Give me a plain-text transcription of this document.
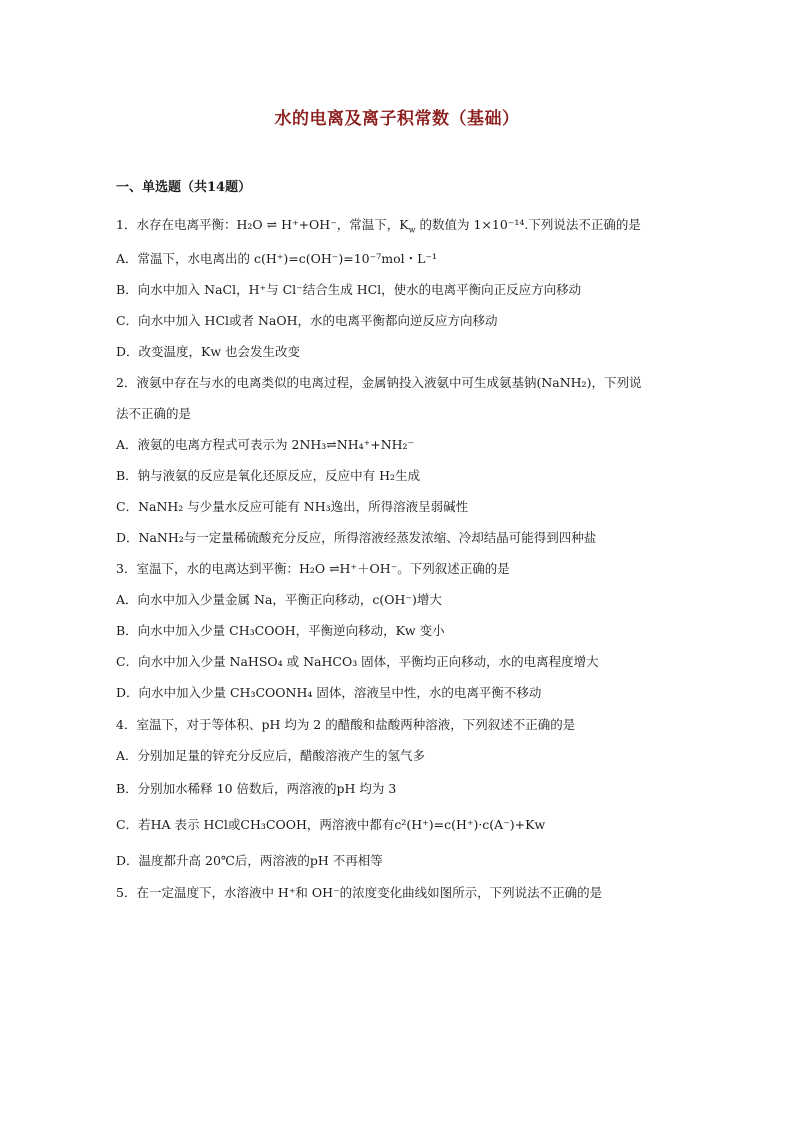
水的电离及离子积常数（基础）
一、单选题（共14题）
1．水存在电离平衡：H₂O ⇌ H⁺+OH⁻，常温下，$K_w$ 的数值为 1×10⁻¹⁴.下列说法不正确的是
A．常温下，水电离出的 c(H⁺)=c(OH⁻)=10⁻⁷mol・L⁻¹
B．向水中加入 NaCl，H⁺与 Cl⁻结合生成 HCl，使水的电离平衡向正反应方向移动
C．向水中加入 HCl或者 NaOH，水的电离平衡都向逆反应方向移动
D．改变温度，Kw 也会发生改变
2．液氨中存在与水的电离类似的电离过程，金属钠投入液氨中可生成氨基钠(NaNH₂)，下列说
法不正确的是
A．液氨的电离方程式可表示为 2NH₃⇌NH₄⁺+NH₂⁻
B．钠与液氨的反应是氧化还原反应，反应中有 H₂生成
C．NaNH₂ 与少量水反应可能有 NH₃逸出，所得溶液呈弱碱性
D．NaNH₂与一定量稀硫酸充分反应，所得溶液经蒸发浓缩、冷却结晶可能得到四种盐
3．室温下，水的电离达到平衡：H₂O ⇌H⁺＋OH⁻。下列叙述正确的是
A．向水中加入少量金属 Na，平衡正向移动，c(OH⁻)增大
B．向水中加入少量 CH₃COOH，平衡逆向移动，Kw 变小
C．向水中加入少量 NaHSO₄ 或 NaHCO₃ 固体，平衡均正向移动，水的电离程度增大
D．向水中加入少量 CH₃COONH₄ 固体，溶液呈中性，水的电离平衡不移动
4．室温下，对于等体积、pH 均为 2 的醋酸和盐酸两种溶液，下列叙述不正确的是
A．分别加足量的锌充分反应后，醋酸溶液产生的氢气多
B．分别加水稀释 10 倍数后，两溶液的pH 均为 3
C．若HA 表示 HCl或CH₃COOH，两溶液中都有c²(H⁺)=c(H⁺)·c(A⁻)+Kw
D．温度都升高 20℃后，两溶液的pH 不再相等
5．在一定温度下，水溶液中 H⁺和 OH⁻的浓度变化曲线如图所示，下列说法不正确的是
